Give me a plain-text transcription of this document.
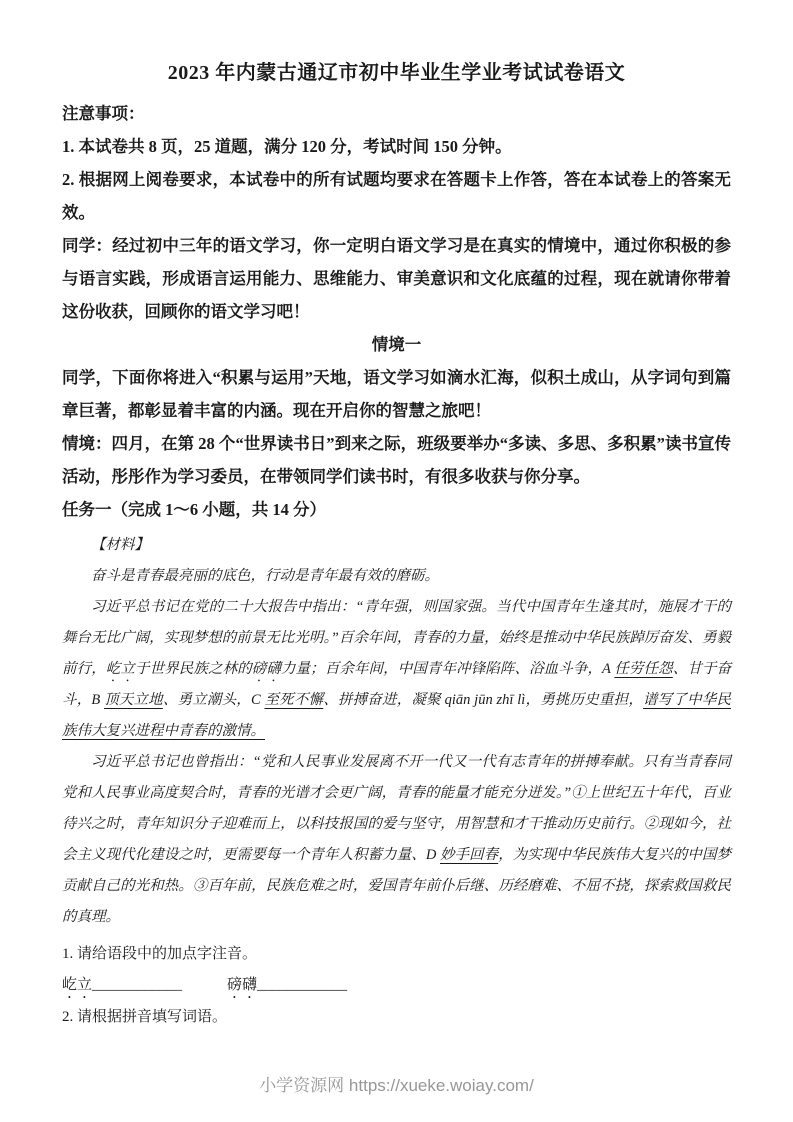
2023 年内蒙古通辽市初中毕业生学业考试试卷语文

注意事项：

1. 本试卷共 8 页，25 道题，满分 120 分，考试时间 150 分钟。

2. 根据网上阅卷要求，本试卷中的所有试题均要求在答题卡上作答，答在本试卷上的答案无效。

同学：经过初中三年的语文学习，你一定明白语文学习是在真实的情境中，通过你积极的参与语言实践，形成语言运用能力、思维能力、审美意识和文化底蕴的过程，现在就请你带着这份收获，回顾你的语文学习吧！

情境一

同学，下面你将进入“积累与运用”天地，语文学习如滴水汇海，似积土成山，从字词句到篇章巨著，都彰显着丰富的内涵。现在开启你的智慧之旅吧！

情境：四月，在第 28 个“世界读书日”到来之际，班级要举办“多读、多思、多积累”读书宣传活动，彤彤作为学习委员，在带领同学们读书时，有很多收获与你分享。

任务一（完成 1～6 小题，共 14 分）

【材料】

奋斗是青春最亮丽的底色，行动是青年最有效的磨砺。

习近平总书记在党的二十大报告中指出：“青年强，则国家强。当代中国青年生逢其时，施展才干的舞台无比广阔，实现梦想的前景无比光明。”百余年间，青春的力量，始终是推动中华民族踔厉奋发、勇毅前行，屹立于世界民族之林的磅礴力量；百余年间，中国青年冲锋陷阵、浴血斗争，A 任劳任怨、甘于奋斗，B 顶天立地、勇立潮头，C 至死不懈、拼搏奋进，凝聚 qiān jūn zhī lì，勇挑历史重担，谱写了中华民族伟大复兴进程中青春的激情。

习近平总书记也曾指出：“党和人民事业发展离不开一代又一代有志青年的拼搏奉献。只有当青春同党和人民事业高度契合时，青春的光谱才会更广阔，青春的能量才能充分迸发。”①上世纪五十年代，百业待兴之时，青年知识分子迎难而上，以科技报国的爱与坚守，用智慧和才干推动历史前行。②现如今，社会主义现代化建设之时，更需要每一个青年人积蓄力量、D 妙手回春，为实现中华民族伟大复兴的中国梦贡献自己的光和热。③百年前，民族危难之时，爱国青年前仆后继、历经磨难、不屈不挠，探索救国救民的真理。

1. 请给语段中的加点字注音。

屹立____________　　　	磅礴____________

2. 请根据拼音填写词语。

小学资源网 https://xueke.woiay.com/
